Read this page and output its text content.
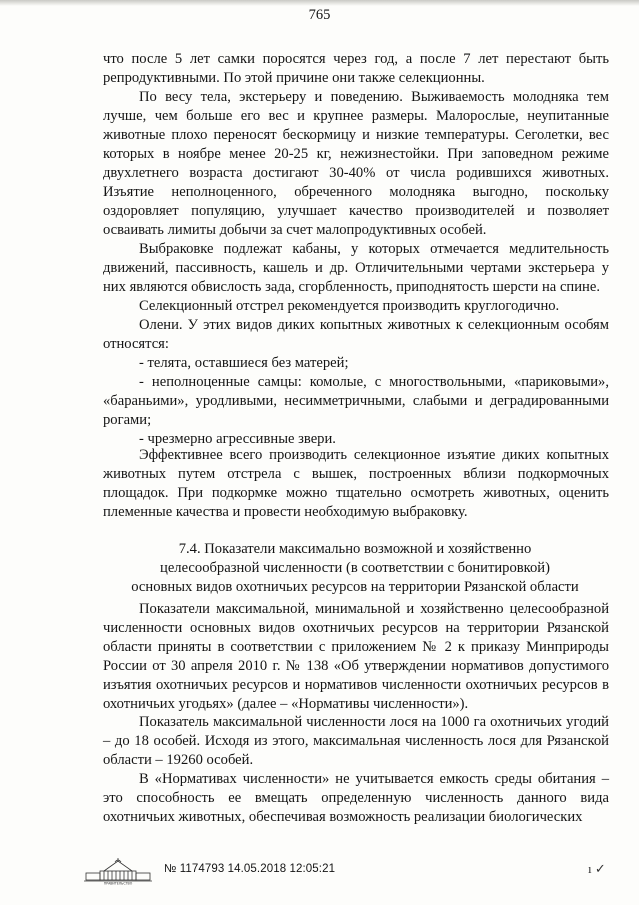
765

что после 5 лет самки поросятся через год, а после 7 лет перестают быть репродуктивными. По этой причине они также селекционны.

По весу тела, экстерьеру и поведению. Выживаемость молодняка тем лучше, чем больше его вес и крупнее размеры. Малорослые, неупитанные животные плохо переносят бескормицу и низкие температуры. Сеголетки, вес которых в ноябре менее 20-25 кг, нежизнестойки. При заповедном режиме двухлетнего возраста достигают 30-40% от числа родившихся животных. Изъятие неполноценного, обреченного молодняка выгодно, поскольку оздоровляет популяцию, улучшает качество производителей и позволяет осваивать лимиты добычи за счет малопродуктивных особей.

Выбраковке подлежат кабаны, у которых отмечается медлительность движений, пассивность, кашель и др. Отличительными чертами экстерьера у них являются обвислость зада, сгорбленность, приподнятость шерсти на спине.

Селекционный отстрел рекомендуется производить круглогодично.

Олени. У этих видов диких копытных животных к селекционным особям относятся:

- телята, оставшиеся без матерей;

- неполноценные самцы: комолые, с многоствольными, «париковыми», «бараньими», уродливыми, несимметричными, слабыми и деградированными рогами;

- чрезмерно агрессивные звери.

Эффективнее всего производить селекционное изъятие диких копытных животных путем отстрела с вышек, построенных вблизи подкормочных площадок. При подкормке можно тщательно осмотреть животных, оценить племенные качества и провести необходимую выбраковку.

7.4. Показатели максимально возможной и хозяйственно
целесообразной численности (в соответствии с бонитировкой)
основных видов охотничьих ресурсов на территории Рязанской области

Показатели максимальной, минимальной и хозяйственно целесообразной численности основных видов охотничьих ресурсов на территории Рязанской области приняты в соответствии с приложением № 2 к приказу Минприроды России от 30 апреля 2010 г. № 138 «Об утверждении нормативов допустимого изъятия охотничьих ресурсов и нормативов численности охотничьих ресурсов в охотничьих угодьях» (далее – «Нормативы численности»).

Показатель максимальной численности лося на 1000 га охотничьих угодий – до 18 особей. Исходя из этого, максимальная численность лося для Рязанской области – 19260 особей.

В «Нормативах численности» не учитывается емкость среды обитания – это способность ее вмещать определенную численность данного вида охотничьих животных, обеспечивая возможность реализации биологических

ПРАВИТЕЛЬСТВО
№ 1174793 14.05.2018 12:05:21	ı ✓
